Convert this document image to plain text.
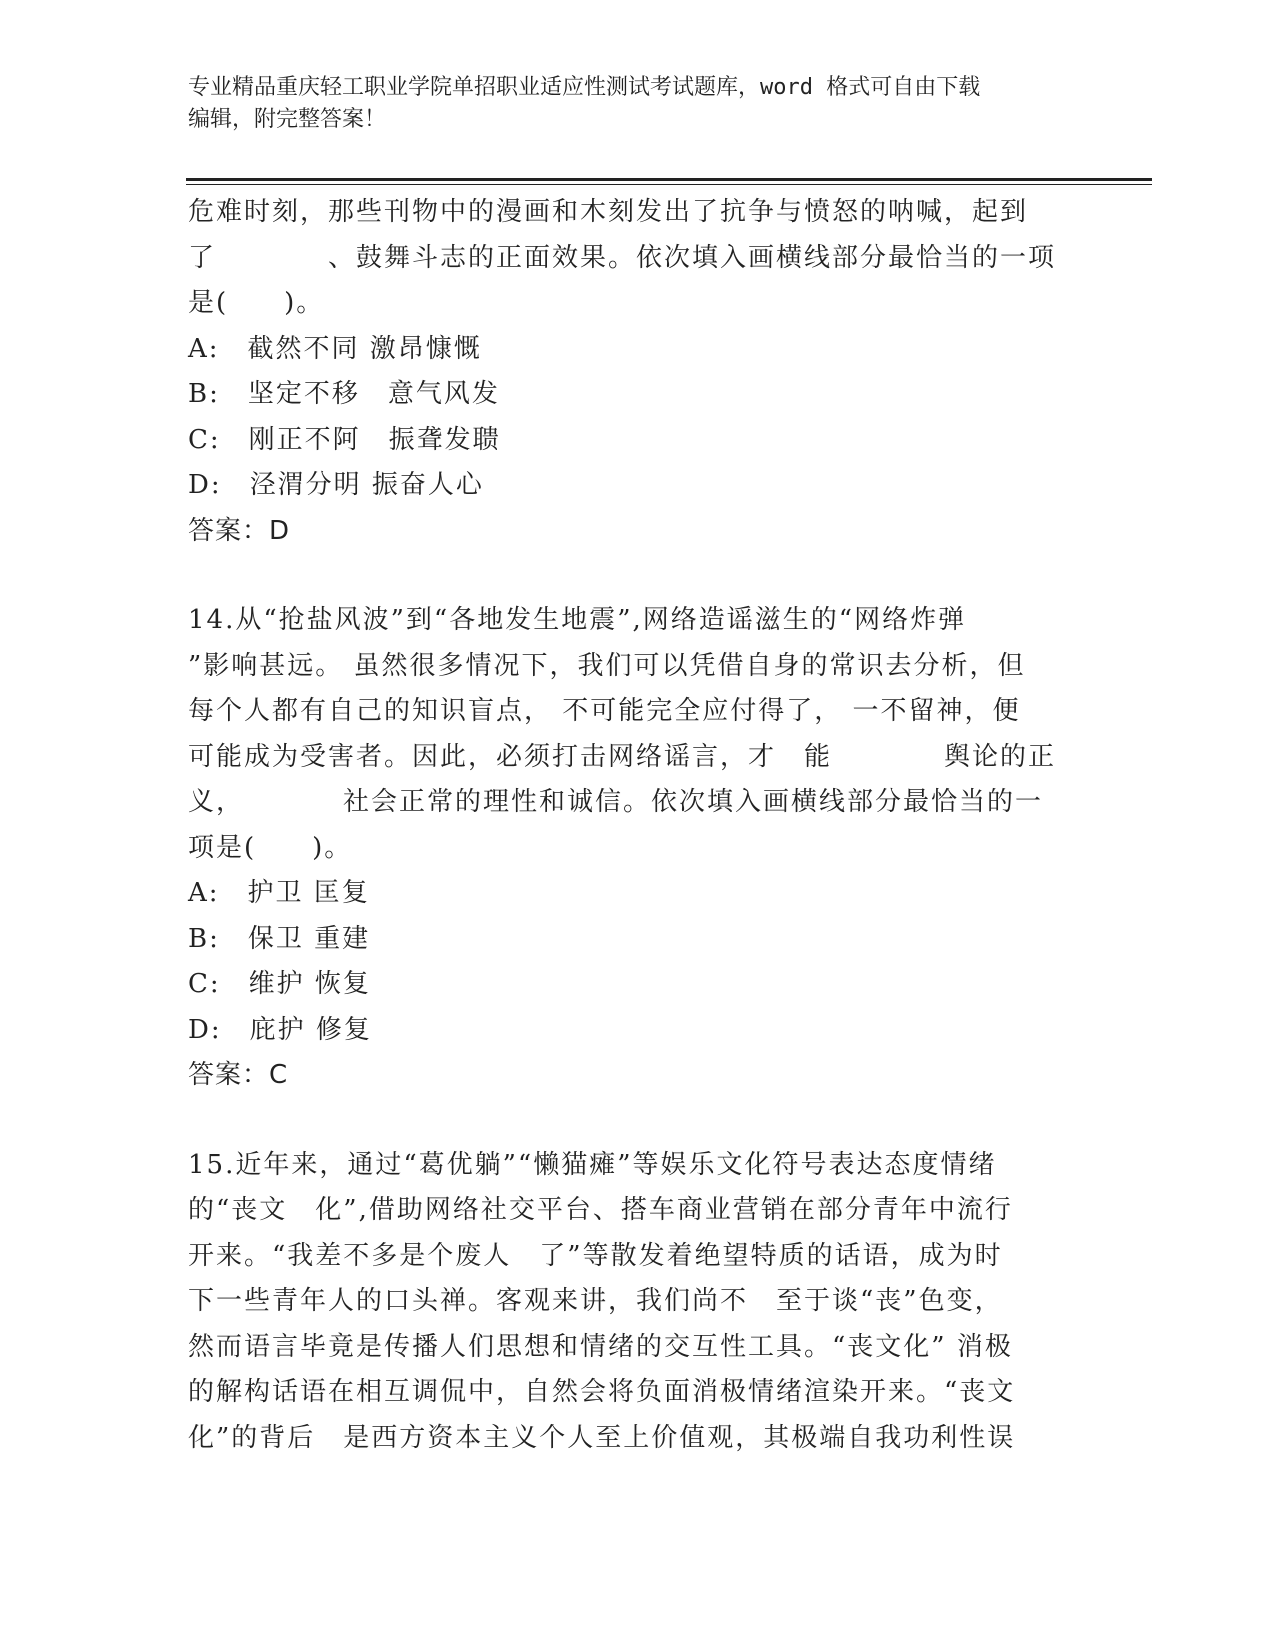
专业精品重庆轻工职业学院单招职业适应性测试考试题库，word 格式可自由下载
编辑，附完整答案！

危难时刻，那些刊物中的漫画和木刻发出了抗争与愤怒的呐喊，起到

了　　　　、鼓舞斗志的正面效果。依次填入画横线部分最恰当的一项

是(　　)。

A:　截然不同 激昂慷慨

B:　坚定不移　意气风发

C:　刚正不阿　振聋发聩

D:　泾渭分明 振奋人心

答案：D

14.从“抢盐风波”到“各地发生地震”,网络造谣滋生的“网络炸弹

”影响甚远。 虽然很多情况下，我们可以凭借自身的常识去分析，但

每个人都有自己的知识盲点， 不可能完全应付得了， 一不留神，便

可能成为受害者。因此，必须打击网络谣言，才　能　　　　舆论的正

义，　　　　社会正常的理性和诚信。依次填入画横线部分最恰当的一

项是(　　)。

A:　护卫 匡复

B:　保卫 重建

C:　维护 恢复

D:　庇护 修复

答案：C

15.近年来，通过“葛优躺”“懒猫瘫”等娱乐文化符号表达态度情绪

的“丧文　化”,借助网络社交平台、搭车商业营销在部分青年中流行

开来。“我差不多是个废人　了”等散发着绝望特质的话语，成为时

下一些青年人的口头禅。客观来讲，我们尚不　至于谈“丧”色变，

然而语言毕竟是传播人们思想和情绪的交互性工具。“丧文化” 消极

的解构话语在相互调侃中，自然会将负面消极情绪渲染开来。“丧文

化”的背后　是西方资本主义个人至上价值观，其极端自我功利性误
